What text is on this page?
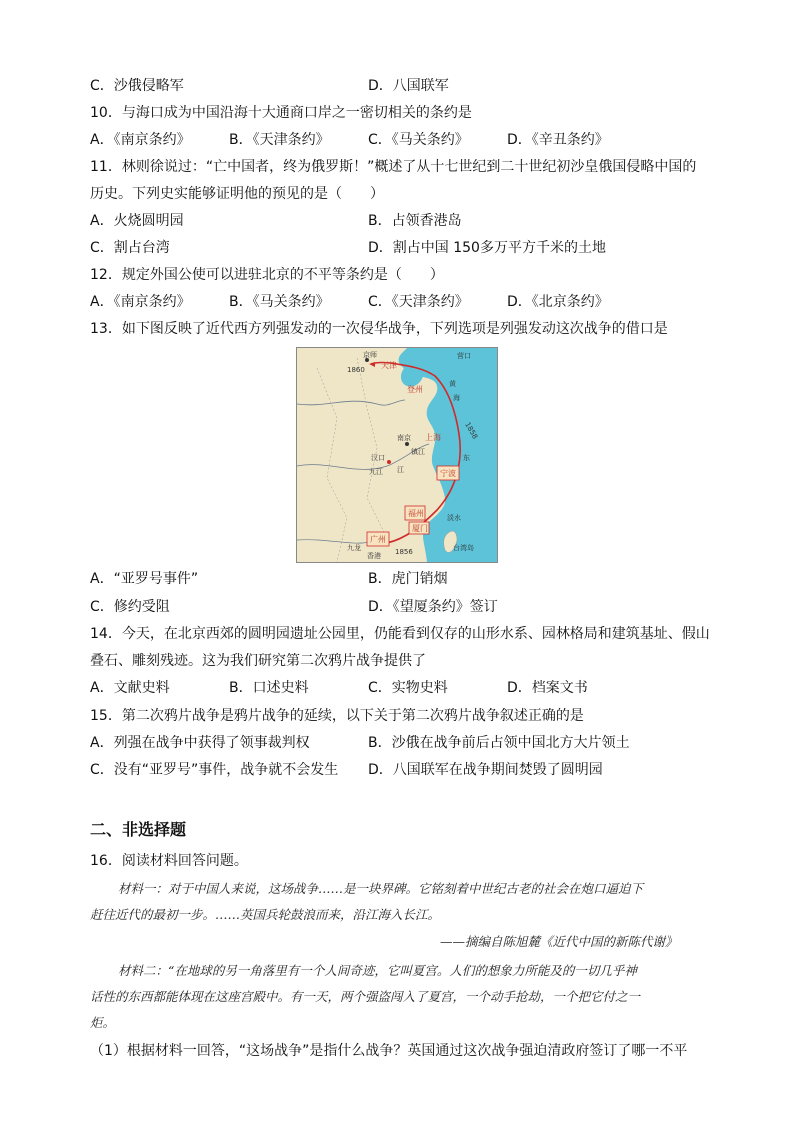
C．沙俄侵略军	D．八国联军
10．与海口成为中国沿海十大通商口岸之一密切相关的条约是
A．《南京条约》	B．《天津条约》	C．《马关条约》	D．《辛丑条约》
11．林则徐说过：“亡中国者，终为俄罗斯！”概述了从十七世纪到二十世纪初沙皇俄国侵略中国的
历史。下列史实能够证明他的预见的是（　　）
A．火烧圆明园	B．占领香港岛
C．割占台湾	D．割占中国 150多万平方千米的土地
12．规定外国公使可以进驻北京的不平等条约是（　　）
A．《南京条约》	B．《马关条约》	C．《天津条约》	D．《北京条约》
13．如下图反映了近代西方列强发动的一次侵华战争，下列选项是列强发动这次战争的借口是
京师
1860 天津
营口
登州
黄
海
1858
上海
南京
汉口
九江
镇江
宁波
淡水
福州
厦门
广州
九龙
香港
台湾岛
1856
东
江
A．“亚罗号事件”	B．虎门销烟
C．修约受阻	D．《望厦条约》签订
14．今天，在北京西郊的圆明园遗址公园里，仍能看到仅存的山形水系、园林格局和建筑基址、假山
叠石、雕刻残迹。这为我们研究第二次鸦片战争提供了
A．文献史料	B．口述史料	C．实物史料	D．档案文书
15．第二次鸦片战争是鸦片战争的延续，以下关于第二次鸦片战争叙述正确的是
A．列强在战争中获得了领事裁判权	B．沙俄在战争前后占领中国北方大片领土
C．没有“亚罗号”事件，战争就不会发生 D．八国联军在战争期间焚毁了圆明园
二、非选择题
16．阅读材料回答问题。
材料一：对于中国人来说，这场战争……是一块界碑。它铭刻着中世纪古老的社会在炮口逼迫下
赶往近代的最初一步。……英国兵轮鼓浪而来，沿江海入长江。
——摘编自陈旭麓《近代中国的新陈代谢》
材料二：“在地球的另一角落里有一个人间奇迹，它叫夏宫。人们的想象力所能及的一切几乎神
话性的东西都能体现在这座宫殿中。有一天，两个强盗闯入了夏宫，一个动手抢劫，一个把它付之一
炬。
（1）根据材料一回答，“这场战争”是指什么战争？英国通过这次战争强迫清政府签订了哪一不平
